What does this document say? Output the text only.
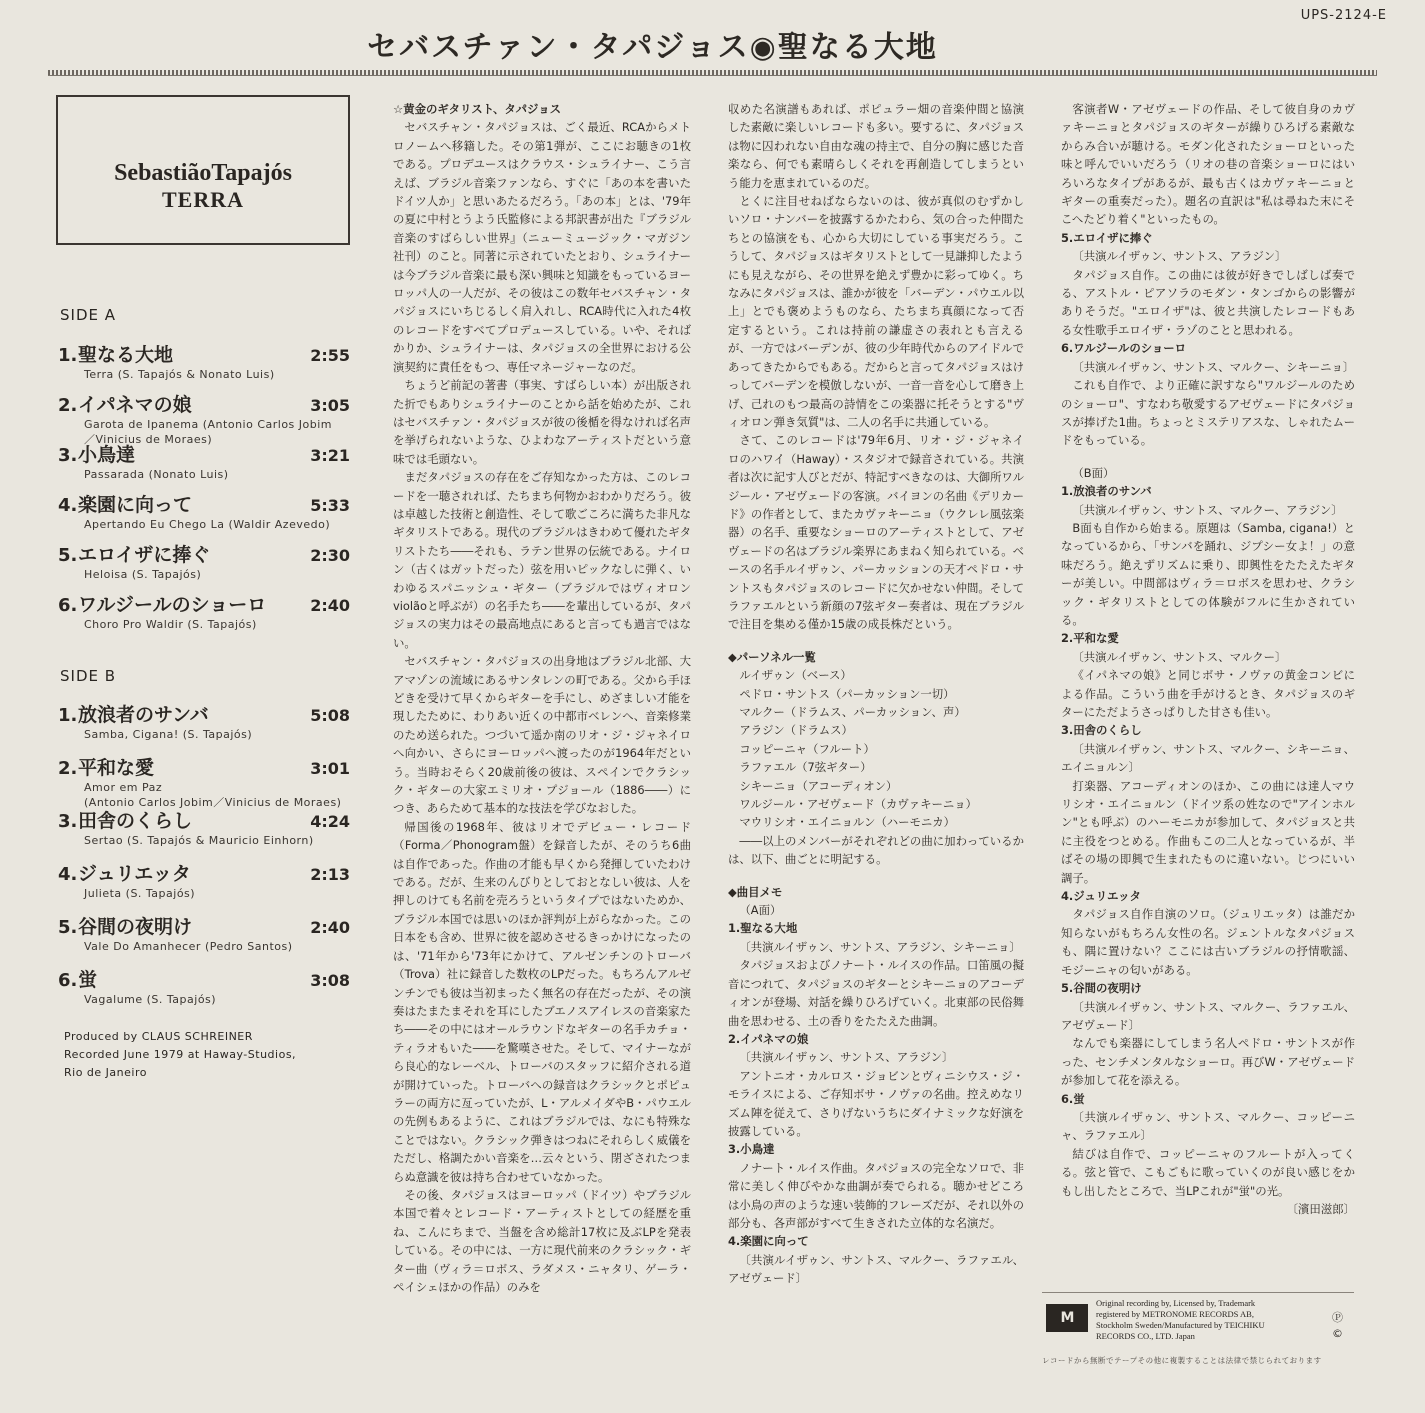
セバスチァン・タパジョス◉聖なる大地
UPS-2124-E
SebastiãoTapajós
TERRA
SIDE A
1. 聖なる大地	2:55
Terra (S. Tapajós & Nonato Luis)
2. イパネマの娘	3:05
Garota de Ipanema (Antonio Carlos Jobim
／Vinicius de Moraes)
3. 小鳥達	3:21
Passarada (Nonato Luis)
4. 楽園に向って	5:33
Apertando Eu Chego La (Waldir Azevedo)
5. エロイザに捧ぐ	2:30
Heloisa (S. Tapajós)
6. ワルジールのショーロ	2:40
Choro Pro Waldir (S. Tapajós)
SIDE B
1. 放浪者のサンバ	5:08
Samba, Cigana! (S. Tapajós)
2. 平和な愛	3:01
Amor em Paz
(Antonio Carlos Jobim／Vinicius de Moraes)
3. 田舎のくらし	4:24
Sertao (S. Tapajós & Mauricio Einhorn)
4. ジュリエッタ	2:13
Julieta (S. Tapajós)
5. 谷間の夜明け	2:40
Vale Do Amanhecer (Pedro Santos)
6. 蛍	3:08
Vagalume (S. Tapajós)
Produced by CLAUS SCHREINER
Recorded June 1979 at Haway-Studios,
Rio de Janeiro

☆黄金のギタリスト、タパジョス

セバスチャン・タパジョスは、ごく最近、RCAからメトロノームへ移籍した。その第1弾が、ここにお聴きの1枚である。プロデユースはクラウス・シュライナー、こう言えば、ブラジル音楽ファンなら、すぐに「あの本を書いたドイツ人か」と思いあたるだろう。「あの本」とは、'79年の夏に中村とうよう氏監修による邦訳書が出た『ブラジル音楽のすばらしい世界』（ニューミュージック・マガジン社刊）のこと。同著に示されていたとおり、シュライナーは今ブラジル音楽に最も深い興味と知識をもっているヨーロッパ人の一人だが、その彼はこの数年セバスチャン・タパジョスにいちじるしく肩入れし、RCA時代に入れた4枚のレコードをすべてプロデュースしている。いや、そればかりか、シュライナーは、タパジョスの全世界における公演契約に責任をもつ、専任マネージャーなのだ。

ちょうど前記の著書（事実、すばらしい本）が出版された折でもありシュライナーのことから話を始めたが、これはセバスチァン・タパジョスが彼の後楯を得なければ名声を挙げられないような、ひよわなアーティストだという意味では毛頭ない。

まだタパジョスの存在をご存知なかった方は、このレコードを一聴されれば、たちまち何物かおわかりだろう。彼は卓越した技術と創造性、そして歌ごころに満ちた非凡なギタリストである。現代のブラジルはきわめて優れたギタリストたち――それも、ラテン世界の伝統である。ナイロン（古くはガットだった）弦を用いピックなしに弾く、いわゆるスパニッシュ・ギター（ブラジルではヴィオロンviolãoと呼ぶが）の名手たち――を輩出しているが、タパジョスの実力はその最高地点にあると言っても過言ではない。

セバスチャン・タパジョスの出身地はブラジル北部、大アマゾンの流域にあるサンタレンの町である。父から手ほどきを受けて早くからギターを手にし、めざましい才能を現したために、わりあい近くの中都市ベレンへ、音楽修業のため送られた。つづいて遥か南のリオ・ジ・ジャネイロへ向かい、さらにヨーロッパへ渡ったのが1964年だという。当時おそらく20歳前後の彼は、スペインでクラシック・ギターの大家エミリオ・プジョール（1886――）につき、あらためて基本的な技法を学びなおした。

帰国後の1968年、彼はリオでデビュー・レコード（Forma／Phonogram盤）を録音したが、そのうち6曲は自作であった。作曲の才能も早くから発揮していたわけである。だが、生来のんびりとしておとなしい彼は、人を押しのけても名前を売ろうというタイプではないためか、ブラジル本国では思いのほか評判が上がらなかった。この日本をも含め、世界に彼を認めさせるきっかけになったのは、'71年から'73年にかけて、アルゼンチンのトローバ（Trova）社に録音した数枚のLPだった。もちろんアルゼンチンでも彼は当初まったく無名の存在だったが、その演奏はたまたまそれを耳にしたブエノスアイレスの音楽家たち――その中にはオールラウンドなギターの名手カチョ・ティラオもいた――を驚嘆させた。そして、マイナーながら良心的なレーベル、トローバのスタッフに紹介される道が開けていった。トローバへの録音はクラシックとポピュラーの両方に亙っていたが、L・アルメイダやB・パウエルの先例もあるように、これはブラジルでは、なにも特殊なことではない。クラシック弾きはつねにそれらしく威儀をただし、格調たかい音楽を…云々という、閉ざされたつまらぬ意識を彼は持ち合わせていなかった。

その後、タパジョスはヨーロッパ（ドイツ）やブラジル本国で着々とレコード・アーティストとしての経歴を重ね、こんにちまで、当盤を含め総計17枚に及ぶLPを発表している。その中には、一方に現代前来のクラシック・ギター曲（ヴィラ＝ロボス、ラダメス・ニャタリ、ゲーラ・ペイシェほかの作品）のみを

収めた名演譜もあれば、ポピュラー畑の音楽仲間と協演した素敵に楽しいレコードも多い。要するに、タパジョスは物に囚われない自由な魂の持主で、自分の胸に感じた音楽なら、何でも素晴らしくそれを再創造してしまうという能力を恵まれているのだ。

とくに注目せねばならないのは、彼が真似のむずかしいソロ・ナンバーを披露するかたわら、気の合った仲間たちとの協演をも、心から大切にしている事実だろう。こうして、タパジョスはギタリストとして一見謙抑したようにも見えながら、その世界を絶えず豊かに彩ってゆく。ちなみにタパジョスは、誰かが彼を「バーデン・パウエル以上」とでも褒めようものなら、たちまち真顔になって否定するという。これは持前の謙虚さの表れとも言えるが、一方ではバーデンが、彼の少年時代からのアイドルであってきたからでもある。だからと言ってタパジョスはけっしてバーデンを模倣しないが、一音一音を心して磨き上げ、己れのもつ最高の詩情をこの楽器に托そうとする"ヴィオロン弾き気質"は、二人の名手に共通している。

さて、このレコードは'79年6月、リオ・ジ・ジャネイロのハワイ（Haway）・スタジオで録音されている。共演者は次に記す人びとだが、特記すべきなのは、大御所ワルジール・アゼヴェードの客演。バイヨンの名曲《デリカード》の作者として、またカヴァキーニョ（ウクレレ風弦楽器）の名手、重要なショーロのアーティストとして、アゼヴェードの名はブラジル楽界にあまねく知られている。ベースの名手ルイザゥン、パーカッションの天才ペドロ・サントスもタパジョスのレコードに欠かせない仲間。そしてラファエルという新顔の7弦ギター奏者は、現在ブラジルで注目を集める僅か15歳の成長株だという。

◆パーソネル一覧

ルイザゥン（ベース）

ペドロ・サントス（パーカッション一切）

マルクー（ドラムス、パーカッション、声）

アラジン（ドラムス）

コッピーニャ（フルート）

ラファエル（7弦ギター）

シキーニョ（アコーディオン）

ワルジール・アゼヴェード（カヴァキーニョ）

マウリシオ・エイニョルン（ハーモニカ）

――以上のメンバーがそれぞれどの曲に加わっているかは、以下、曲ごとに明記する。

◆曲目メモ

（A面）

1.聖なる大地

〔共演ルイザゥン、サントス、アラジン、シキーニョ〕

タパジョスおよびノナート・ルイスの作品。口笛風の擬音につれて、タパジョスのギターとシキーニョのアコーディオンが登場、対話を繰りひろげていく。北東部の民俗舞曲を思わせる、土の香りをたたえた曲調。

2.イパネマの娘

〔共演ルイザゥン、サントス、アラジン〕

アントニオ・カルロス・ジョビンとヴィニシウス・ジ・モライスによる、ご存知ボサ・ノヴァの名曲。控えめなリズム陣を従えて、さりげないうちにダイナミックな好演を披露している。

3.小鳥達

ノナート・ルイス作曲。タパジョスの完全なソロで、非常に美しく伸びやかな曲調が奏でられる。聴かせどころは小鳥の声のような速い装飾的フレーズだが、それ以外の部分も、各声部がすべて生きされた立体的な名演だ。

4.楽園に向って

〔共演ルイザゥン、サントス、マルクー、ラファエル、アゼヴェード〕

客演者W・アゼヴェードの作品、そして彼自身のカヴァキーニョとタパジョスのギターが繰りひろげる素敵なからみ合いが聴ける。モダン化されたショーロといった味と呼んでいいだろう（リオの巷の音楽ショーロにはいろいろなタイプがあるが、最も古くはカヴァキーニョとギターの重奏だった）。題名の直訳は"私は尋ねた末にそこへたどり着く"といったもの。

5.エロイザに捧ぐ

〔共演ルイザゥン、サントス、アラジン〕

タパジョス自作。この曲には彼が好きでしばしば奏でる、アストル・ピアソラのモダン・タンゴからの影響がありそうだ。"エロイザ"は、彼と共演したレコードもある女性歌手エロイザ・ラゾのことと思われる。

6.ワルジールのショーロ

〔共演ルイザゥン、サントス、マルクー、シキーニョ〕

これも自作で、より正確に訳すなら"ワルジールのためのショーロ"、すなわち敬愛するアゼヴェードにタパジョスが捧げた1曲。ちょっとミステリアスな、しゃれたムードをもっている。

（B面）

1.放浪者のサンバ

〔共演ルイザゥン、サントス、マルクー、アラジン〕

B面も自作から始まる。原題は（Samba, cigana!）となっているから、「サンバを踊れ、ジプシー女よ！」の意味だろう。絶えずリズムに乗り、即興性をたたえたギターが美しい。中間部はヴィラ＝ロボスを思わせ、クラシック・ギタリストとしての体験がフルに生かされている。

2.平和な愛

〔共演ルイザゥン、サントス、マルクー〕

《イパネマの娘》と同じボサ・ノヴァの黄金コンビによる作品。こういう曲を手がけるとき、タパジョスのギターにただようさっぱりした甘さも佳い。

3.田舎のくらし

〔共演ルイザゥン、サントス、マルクー、シキーニョ、エイニョルン〕

打楽器、アコーディオンのほか、この曲には達人マウリシオ・エイニョルン（ドイツ系の姓なので"アインホルン"とも呼ぶ）のハーモニカが参加して、タパジョスと共に主役をつとめる。作曲もこの二人となっているが、半ばその場の即興で生まれたものに違いない。じつにいい調子。

4.ジュリエッタ

タパジョス自作自演のソロ。（ジュリエッタ）は誰だか知らないがもちろん女性の名。ジェントルなタパジョスも、隅に置けない？ここには古いブラジルの抒情歌謡、モジーニャの匂いがある。

5.谷間の夜明け

〔共演ルイザゥン、サントス、マルクー、ラファエル、アゼヴェード〕

なんでも楽器にしてしまう名人ペドロ・サントスが作った、センチメンタルなショーロ。再びW・アゼヴェードが参加して花を添える。

6.蛍

〔共演ルイザゥン、サントス、マルクー、コッピーニャ、ラファエル〕

結びは自作で、コッピーニャのフルートが入ってくる。弦と管で、こもごもに歌っていくのが良い感じをかもし出したところで、当LPこれが"蛍"の光。

〔濱田滋郎〕

M
Original recording by, Licensed by, Trademark
registered by METRONOME RECORDS AB,
Stockholm Sweden/Manufactured by TEICHIKU
RECORDS CO., LTD. Japan
Ⓟ
©
レコードから無断でテープその他に複製することは法律で禁じられております
